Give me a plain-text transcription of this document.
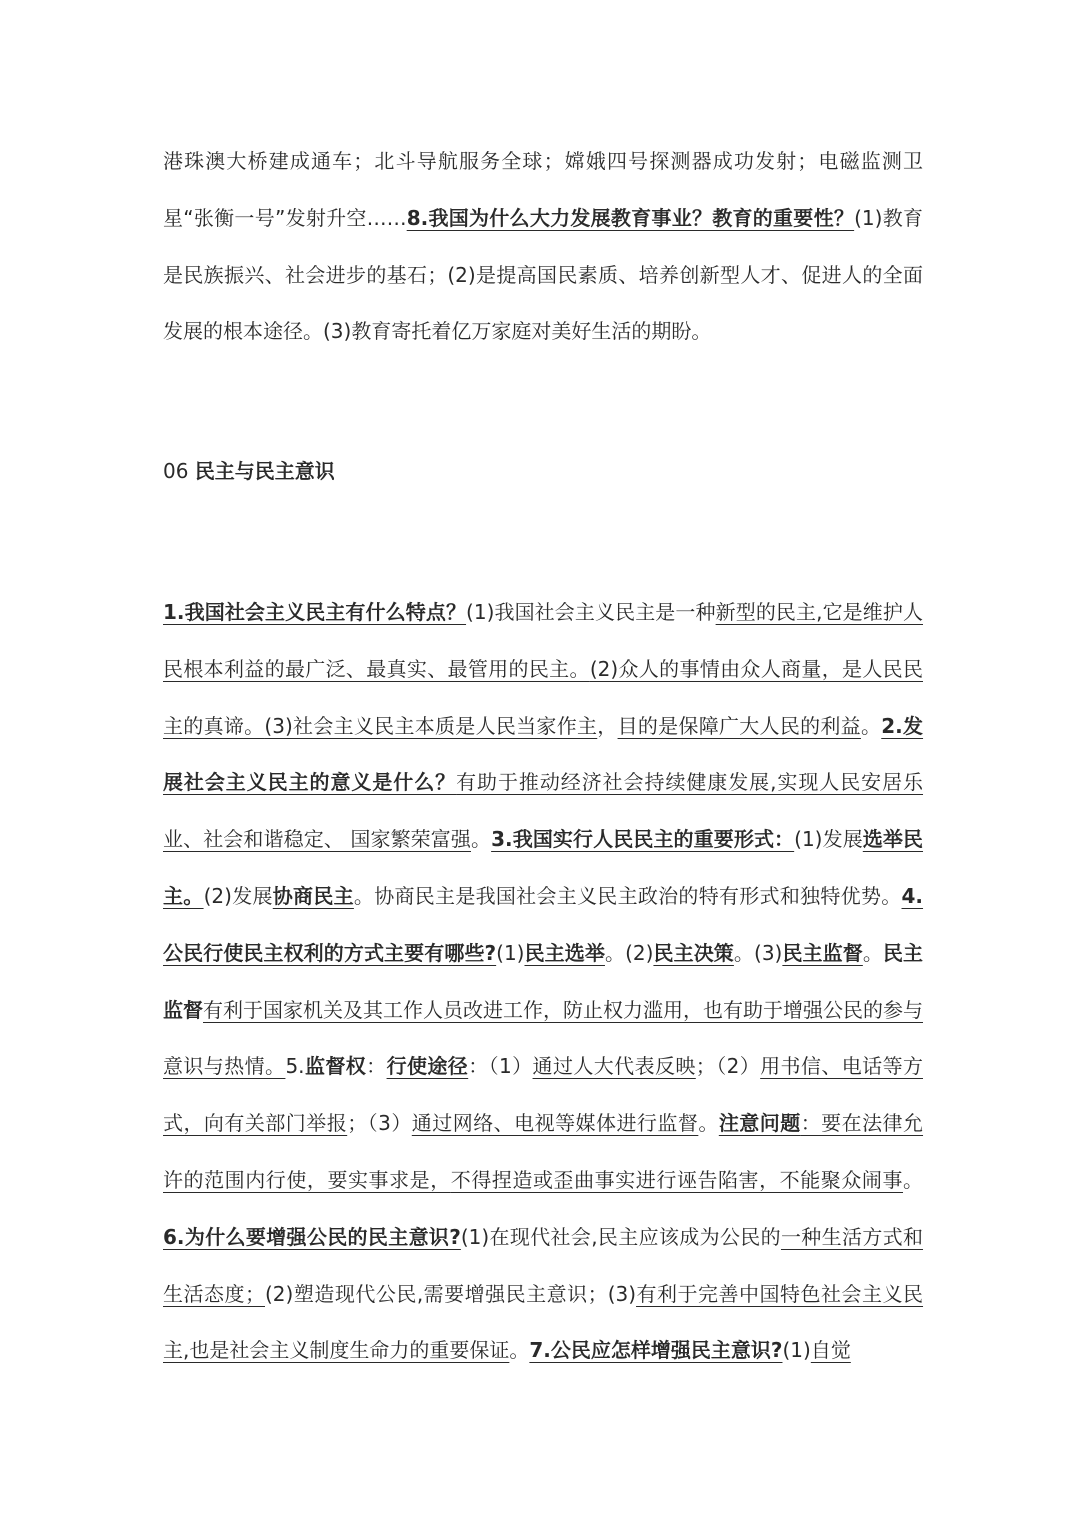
港珠澳大桥建成通车；北斗导航服务全球；嫦娥四号探测器成功发射；电磁监测卫星“张衡一号”发射升空……8.我国为什么大力发展教育事业？教育的重要性？(1)教育是民族振兴、社会进步的基石；(2)是提高国民素质、培养创新型人才、促进人的全面发展的根本途径。(3)教育寄托着亿万家庭对美好生活的期盼。
06 民主与民主意识
1.我国社会主义民主有什么特点？(1)我国社会主义民主是一种新型的民主,它是维护人民根本利益的最广泛、最真实、最管用的民主。(2)众人的事情由众人商量，是人民民主的真谛。(3)社会主义民主本质是人民当家作主，目的是保障广大人民的利益。2.发展社会主义民主的意义是什么？有助于推动经济社会持续健康发展,实现人民安居乐业、社会和谐稳定、 国家繁荣富强。3.我国实行人民民主的重要形式：(1)发展选举民主。(2)发展协商民主。协商民主是我国社会主义民主政治的特有形式和独特优势。4.公民行使民主权利的方式主要有哪些?(1)民主选举。(2)民主决策。(3)民主监督。民主监督有利于国家机关及其工作人员改进工作，防止权力滥用，也有助于增强公民的参与意识与热情。5.监督权：行使途径：（1）通过人大代表反映；（2）用书信、电话等方式，向有关部门举报；（3）通过网络、电视等媒体进行监督。注意问题：要在法律允许的范围内行使，要实事求是，不得捏造或歪曲事实进行诬告陷害，不能聚众闹事。6.为什么要增强公民的民主意识?(1)在现代社会,民主应该成为公民的一种生活方式和生活态度；(2)塑造现代公民,需要增强民主意识；(3)有利于完善中国特色社会主义民主,也是社会主义制度生命力的重要保证。7.公民应怎样增强民主意识?(1)自觉
